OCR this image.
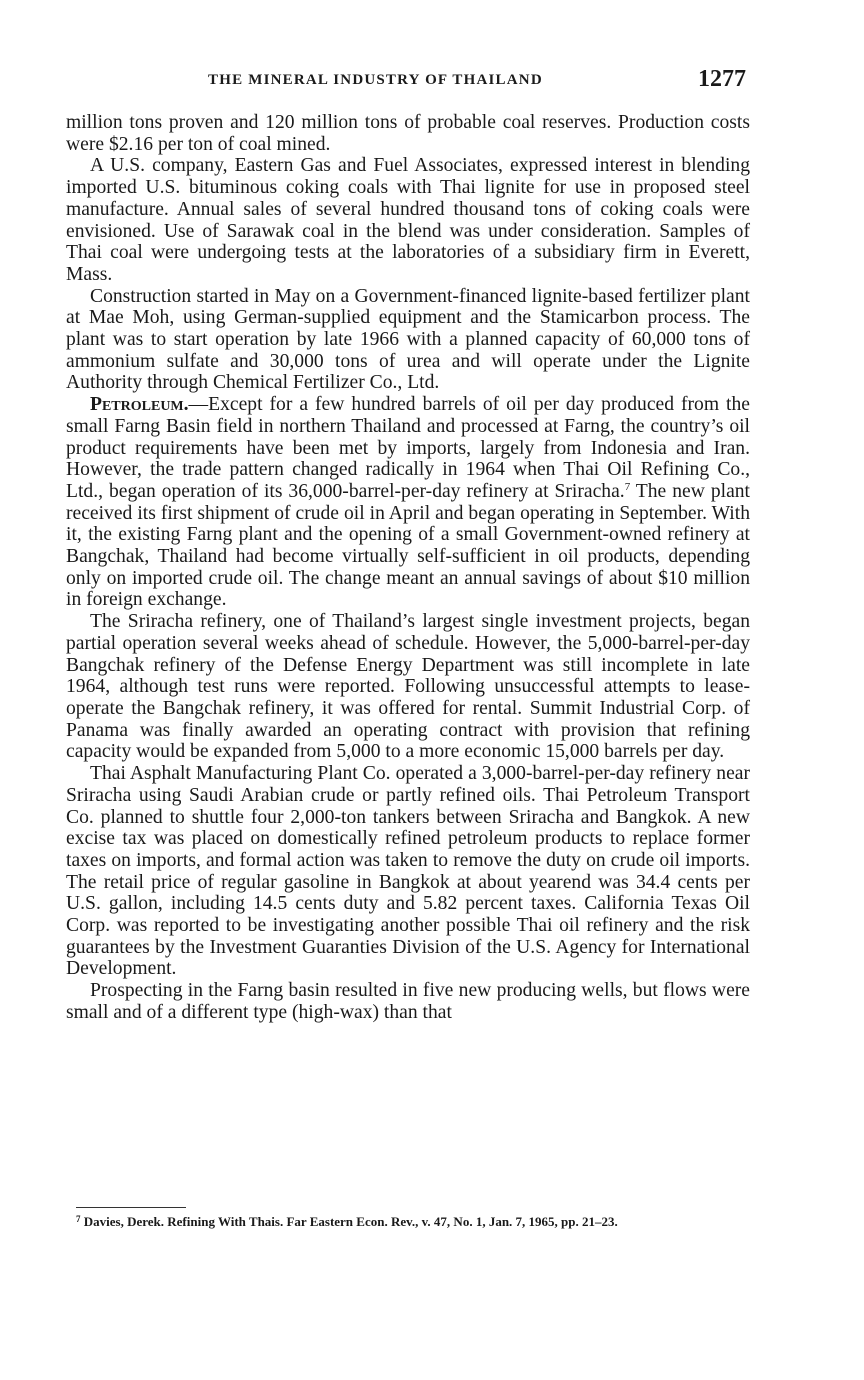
THE MINERAL INDUSTRY OF THAILAND	1277

million tons proven and 120 million tons of probable coal reserves. Production costs were $2.16 per ton of coal mined.

A U.S. company, Eastern Gas and Fuel Associates, expressed interest in blending imported U.S. bituminous coking coals with Thai lignite for use in proposed steel manufacture. Annual sales of several hundred thousand tons of coking coals were envisioned. Use of Sarawak coal in the blend was under consideration. Samples of Thai coal were undergoing tests at the laboratories of a subsidiary firm in Everett, Mass.

Construction started in May on a Government-financed lignite-based fertilizer plant at Mae Moh, using German-supplied equipment and the Stamicarbon process. The plant was to start operation by late 1966 with a planned capacity of 60,000 tons of ammonium sulfate and 30,000 tons of urea and will operate under the Lignite Authority through Chemical Fertilizer Co., Ltd.

Petroleum.—Except for a few hundred barrels of oil per day produced from the small Farng Basin field in northern Thailand and processed at Farng, the country’s oil product requirements have been met by imports, largely from Indonesia and Iran. However, the trade pattern changed radically in 1964 when Thai Oil Refining Co., Ltd., began operation of its 36,000-barrel-per-day refinery at Sriracha.$^7$ The new plant received its first shipment of crude oil in April and began operating in September. With it, the existing Farng plant and the opening of a small Government-owned refinery at Bangchak, Thailand had become virtually self-sufficient in oil products, depending only on imported crude oil. The change meant an annual savings of about $10 million in foreign exchange.

The Sriracha refinery, one of Thailand’s largest single investment projects, began partial operation several weeks ahead of schedule. However, the 5,000-barrel-per-day Bangchak refinery of the Defense Energy Department was still incomplete in late 1964, although test runs were reported. Following unsuccessful attempts to lease-operate the Bangchak refinery, it was offered for rental. Summit Industrial Corp. of Panama was finally awarded an operating contract with provision that refining capacity would be expanded from 5,000 to a more economic 15,000 barrels per day.

Thai Asphalt Manufacturing Plant Co. operated a 3,000-barrel-per-day refinery near Sriracha using Saudi Arabian crude or partly refined oils. Thai Petroleum Transport Co. planned to shuttle four 2,000-ton tankers between Sriracha and Bangkok. A new excise tax was placed on domestically refined petroleum products to replace former taxes on imports, and formal action was taken to remove the duty on crude oil imports. The retail price of regular gasoline in Bangkok at about yearend was 34.4 cents per U.S. gallon, including 14.5 cents duty and 5.82 percent taxes. California Texas Oil Corp. was reported to be investigating another possible Thai oil refinery and the risk guarantees by the Investment Guaranties Division of the U.S. Agency for International Development.

Prospecting in the Farng basin resulted in five new producing wells, but flows were small and of a different type (high-wax) than that

$^7$ Davies, Derek. Refining With Thais. Far Eastern Econ. Rev., v. 47, No. 1, Jan. 7, 1965, pp. 21–23.
